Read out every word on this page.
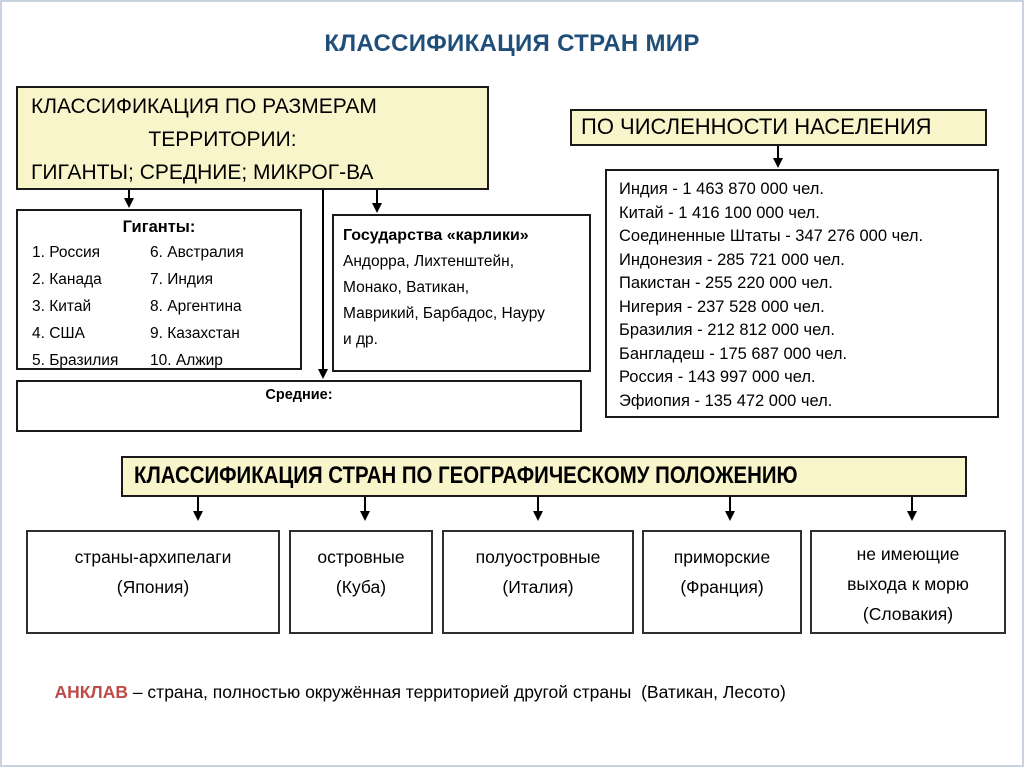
КЛАССИФИКАЦИЯ СТРАН МИР
КЛАССИФИКАЦИЯ ПО РАЗМЕРАМ
ТЕРРИТОРИИ:
ГИГАНТЫ; СРЕДНИЕ; МИКРОГ-ВА
Гиганты:
1. Россия
2. Канада
3. Китай
4. США
5. Бразилия
6. Австралия
7. Индия
8. Аргентина
9. Казахстан
10. Алжир
Государства «карлики»
Андорра, Лихтенштейн,
Монако, Ватикан,
Маврикий, Барбадос, Науру
и др.
Средние:
ПО ЧИСЛЕННОСТИ НАСЕЛЕНИЯ
Индия - 1 463 870 000 чел.
Китай - 1 416 100 000 чел.
Соединенные Штаты - 347 276 000 чел.
Индонезия - 285 721 000 чел.
Пакистан - 255 220 000 чел.
Нигерия - 237 528 000 чел.
Бразилия - 212 812 000 чел.
Бангладеш - 175 687 000 чел.
Россия - 143 997 000 чел.
Эфиопия - 135 472 000 чел.
КЛАССИФИКАЦИЯ СТРАН ПО ГЕОГРАФИЧЕСКОМУ ПОЛОЖЕНИЮ
страны-архипелаги
(Япония)
островные
(Куба)
полуостровные
(Италия)
приморские
(Франция)
не имеющие
выхода к морю
(Словакия)

АНКЛАВ – страна, полностью окружённая территорией другой страны  (Ватикан, Лесото)
